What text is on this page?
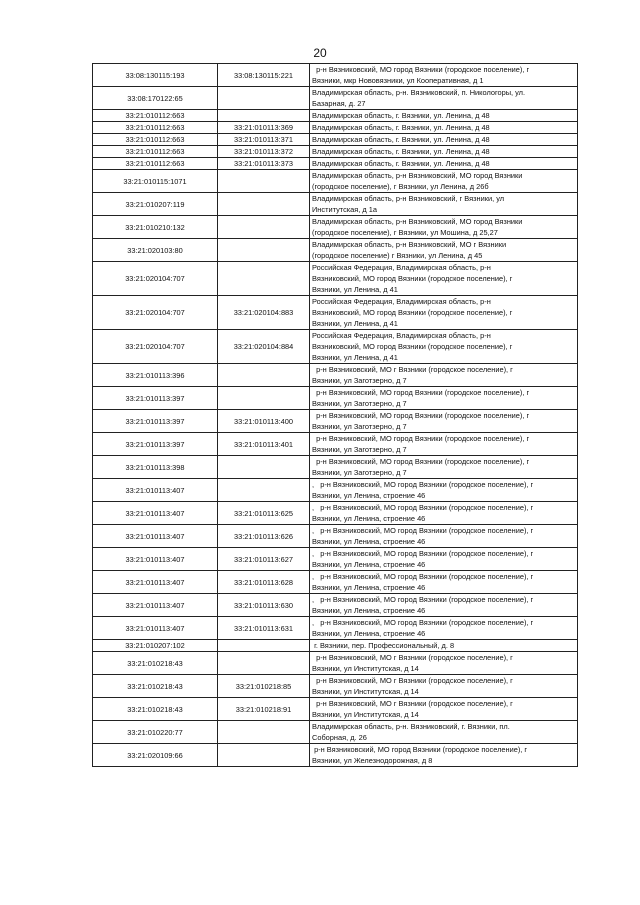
20
33:08:130115:193	33:08:130115:221	р-н Вязниковский, МО город Вязники (городское поселение), г
Вязники, мкр Нововязники, ул Кооперативная, д 1
33:08:170122:65		Владимирская область, р-н. Вязниковский, п. Никологоры, ул.
Базарная, д. 27
33:21:010112:663		Владимирская область, г. Вязники, ул. Ленина, д 48
33:21:010112:663	33:21:010113:369	Владимирская область, г. Вязники, ул. Ленина, д 48
33:21:010112:663	33:21:010113:371	Владимирская область, г. Вязники, ул. Ленина, д 48
33:21:010112:663	33:21:010113:372	Владимирская область, г. Вязники, ул. Ленина, д 48
33:21:010112:663	33:21:010113:373	Владимирская область, г. Вязники, ул. Ленина, д 48
33:21:010115:1071		Владимирская область, р-н Вязниковский, МО город Вязники
(городское поселение), г Вязники, ул Ленина, д 26б
33:21:010207:119		Владимирская область, р-н Вязниковский, г Вязники, ул
Институтская, д 1а
33:21:010210:132		Владимирская область, р-н Вязниковский, МО город Вязники
(городское поселение), г Вязники, ул Мошина, д 25,27
33:21:020103:80		Владимирская область, р-н Вязниковский, МО г Вязники
(городское поселение) г Вязники, ул Ленина, д 45
33:21:020104:707		Российская Федерация, Владимирская область, р-н
Вязниковский, МО город Вязники (городское поселение), г
Вязники, ул Ленина, д 41
33:21:020104:707	33:21:020104:883	Российская Федерация, Владимирская область, р-н
Вязниковский, МО город Вязники (городское поселение), г
Вязники, ул Ленина, д 41
33:21:020104:707	33:21:020104:884	Российская Федерация, Владимирская область, р-н
Вязниковский, МО город Вязники (городское поселение), г
Вязники, ул Ленина, д 41
33:21:010113:396		р-н Вязниковский, МО г Вязники (городское поселение), г
Вязники, ул Заготзерно, д 7
33:21:010113:397		р-н Вязниковский, МО город Вязники (городское поселение), г
Вязники, ул Заготзерно, д 7
33:21:010113:397	33:21:010113:400	р-н Вязниковский, МО город Вязники (городское поселение), г
Вязники, ул Заготзерно, д 7
33:21:010113:397	33:21:010113:401	р-н Вязниковский, МО город Вязники (городское поселение), г
Вязники, ул Заготзерно, д 7
33:21:010113:398		р-н Вязниковский, МО город Вязники (городское поселение), г
Вязники, ул Заготзерно, д 7
33:21:010113:407		,   р-н Вязниковский, МО город Вязники (городское поселение), г
Вязники, ул Ленина, строение 46
33:21:010113:407	33:21:010113:625	,   р-н Вязниковский, МО город Вязники (городское поселение), г
Вязники, ул Ленина, строение 46
33:21:010113:407	33:21:010113:626	,   р-н Вязниковский, МО город Вязники (городское поселение), г
Вязники, ул Ленина, строение 46
33:21:010113:407	33:21:010113:627	,   р-н Вязниковский, МО город Вязники (городское поселение), г
Вязники, ул Ленина, строение 46
33:21:010113:407	33:21:010113:628	,   р-н Вязниковский, МО город Вязники (городское поселение), г
Вязники, ул Ленина, строение 46
33:21:010113:407	33:21:010113:630	,   р-н Вязниковский, МО город Вязники (городское поселение), г
Вязники, ул Ленина, строение 46
33:21:010113:407	33:21:010113:631	,   р-н Вязниковский, МО город Вязники (городское поселение), г
Вязники, ул Ленина, строение 46
33:21:010207:102		г. Вязники, пер. Профессиональный, д. 8
33:21:010218:43		р-н Вязниковский, МО г Вязники (городское поселение), г
Вязники, ул Институтская, д 14
33:21:010218:43	33:21:010218:85	р-н Вязниковский, МО г Вязники (городское поселение), г
Вязники, ул Институтская, д 14
33:21:010218:43	33:21:010218:91	р-н Вязниковский, МО г Вязники (городское поселение), г
Вязники, ул Институтская, д 14
33:21:010220:77		Владимирская область, р-н. Вязниковский, г. Вязники, пл.
Соборная, д. 26
33:21:020109:66		р-н Вязниковский, МО город Вязники (городское поселение), г
Вязники, ул Железнодорожная, д 8
